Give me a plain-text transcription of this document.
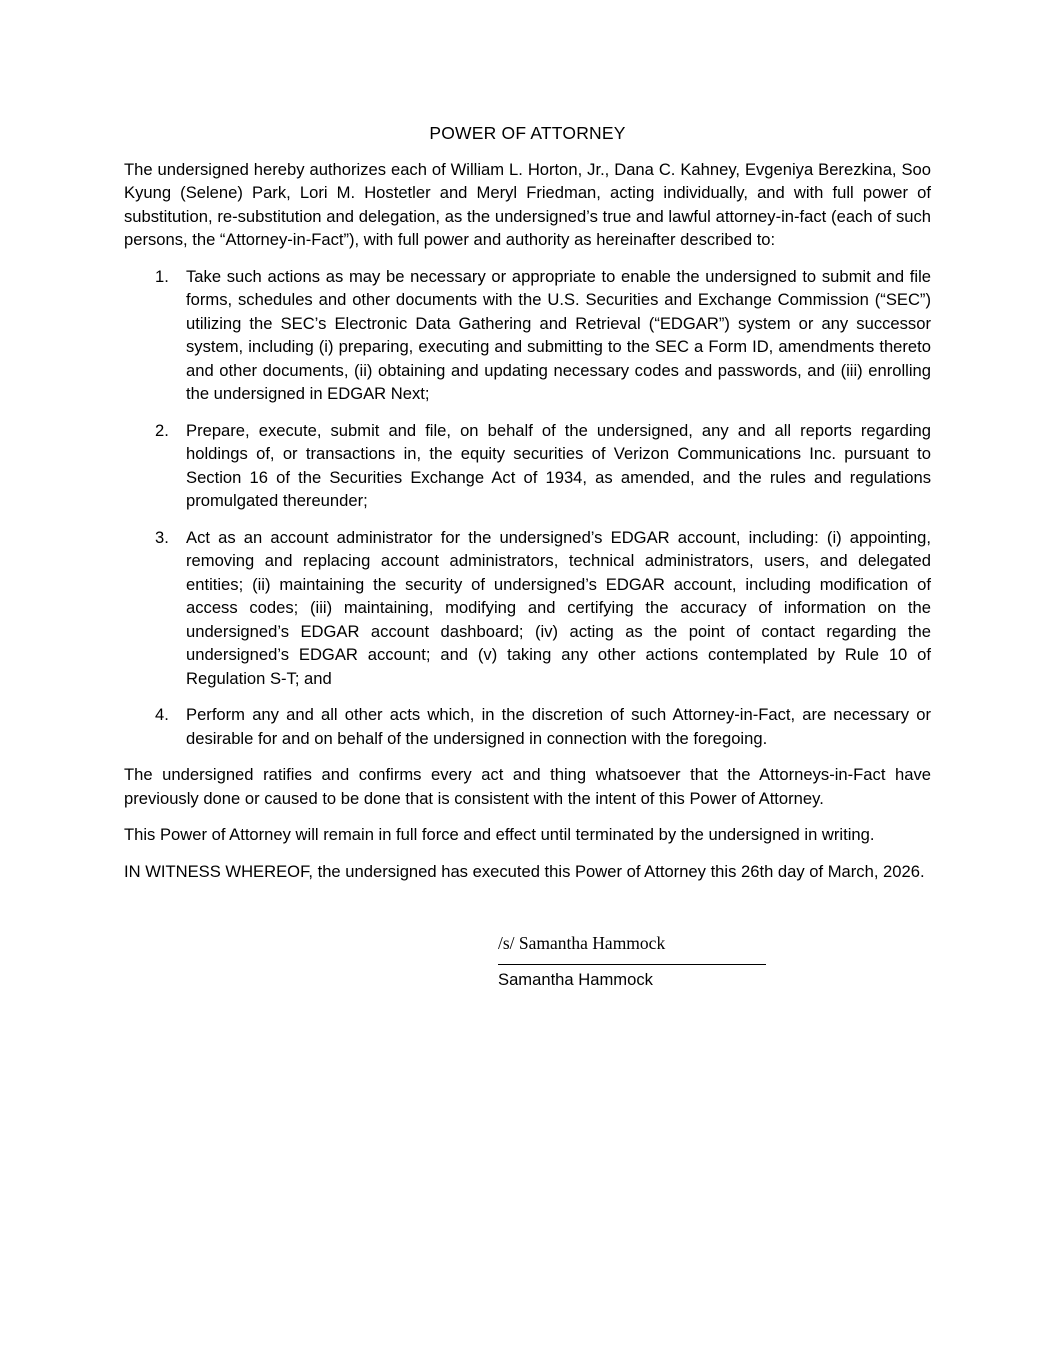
POWER OF ATTORNEY

The undersigned hereby authorizes each of William L. Horton, Jr., Dana C. Kahney, Evgeniya Berezkina, Soo Kyung (Selene) Park, Lori M. Hostetler and Meryl Friedman, acting individually, and with full power of substitution, re-substitution and delegation, as the undersigned’s true and lawful attorney-in-fact (each of such persons, the “Attorney-in-Fact”), with full power and authority as hereinafter described to:

1. Take such actions as may be necessary or appropriate to enable the undersigned to submit and file forms, schedules and other documents with the U.S. Securities and Exchange Commission (“SEC”) utilizing the SEC’s Electronic Data Gathering and Retrieval (“EDGAR”) system or any successor system, including (i) preparing, executing and submitting to the SEC a Form ID, amendments thereto and other documents, (ii) obtaining and updating necessary codes and passwords, and (iii) enrolling the undersigned in EDGAR Next;
2. Prepare, execute, submit and file, on behalf of the undersigned, any and all reports regarding holdings of, or transactions in, the equity securities of Verizon Communications Inc. pursuant to Section 16 of the Securities Exchange Act of 1934, as amended, and the rules and regulations promulgated thereunder;
3. Act as an account administrator for the undersigned’s EDGAR account, including: (i) appointing, removing and replacing account administrators, technical administrators, users, and delegated entities; (ii) maintaining the security of undersigned’s EDGAR account, including modification of access codes; (iii) maintaining, modifying and certifying the accuracy of information on the undersigned’s EDGAR account dashboard; (iv) acting as the point of contact regarding the undersigned’s EDGAR account; and (v) taking any other actions contemplated by Rule 10 of Regulation S-T; and
4. Perform any and all other acts which, in the discretion of such Attorney-in-Fact, are necessary or desirable for and on behalf of the undersigned in connection with the foregoing.

The undersigned ratifies and confirms every act and thing whatsoever that the Attorneys-in-Fact have previously done or caused to be done that is consistent with the intent of this Power of Attorney.

This Power of Attorney will remain in full force and effect until terminated by the undersigned in writing.

IN WITNESS WHEREOF, the undersigned has executed this Power of Attorney this 26th day of March, 2026.

/s/ Samantha Hammock
Samantha Hammock
